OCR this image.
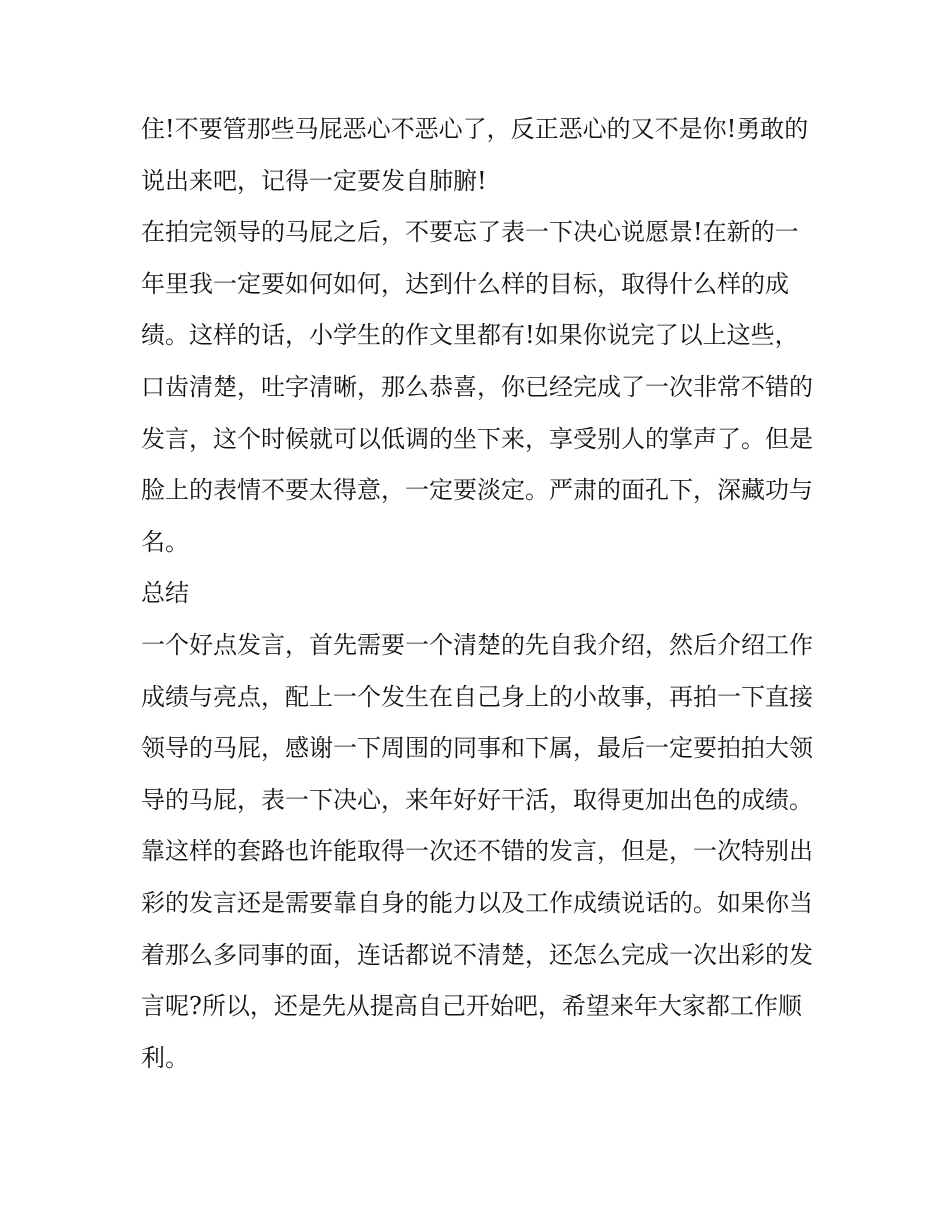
住!不要管那些马屁恶心不恶心了，反正恶心的又不是你!勇敢的说出来吧，记得一定要发自肺腑!

在拍完领导的马屁之后，不要忘了表一下决心说愿景!在新的一年里我一定要如何如何，达到什么样的目标，取得什么样的成绩。这样的话，小学生的作文里都有!如果你说完了以上这些，口齿清楚，吐字清晰，那么恭喜，你已经完成了一次非常不错的发言，这个时候就可以低调的坐下来，享受别人的掌声了。但是脸上的表情不要太得意，一定要淡定。严肃的面孔下，深藏功与名。

总结

一个好点发言，首先需要一个清楚的先自我介绍，然后介绍工作成绩与亮点，配上一个发生在自己身上的小故事，再拍一下直接领导的马屁，感谢一下周围的同事和下属，最后一定要拍拍大领导的马屁，表一下决心，来年好好干活，取得更加出色的成绩。

靠这样的套路也许能取得一次还不错的发言，但是，一次特别出彩的发言还是需要靠自身的能力以及工作成绩说话的。如果你当着那么多同事的面，连话都说不清楚，还怎么完成一次出彩的发言呢?所以，还是先从提高自己开始吧，希望来年大家都工作顺利。
